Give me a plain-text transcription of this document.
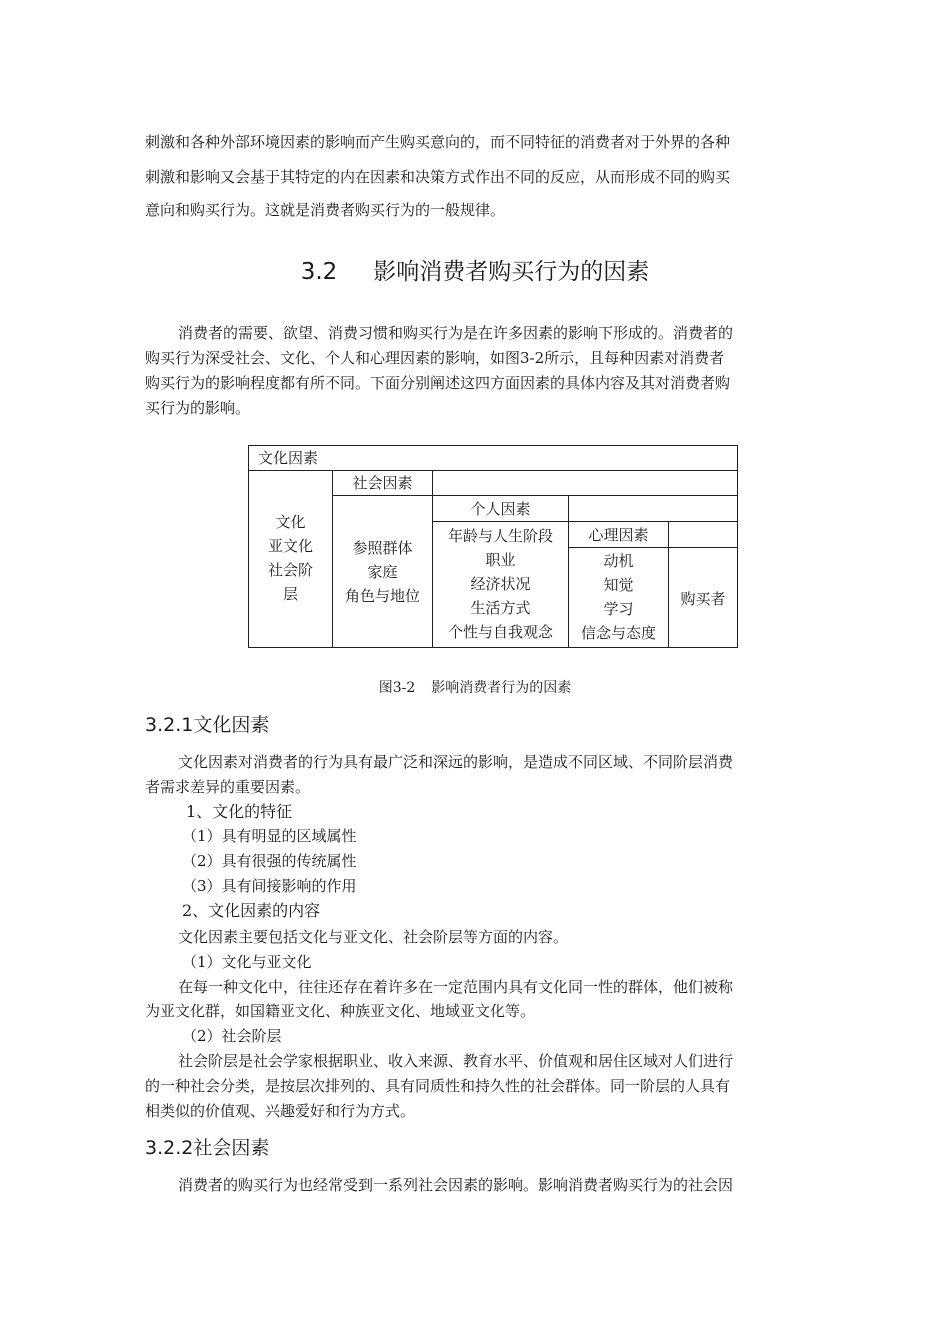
刺激和各种外部环境因素的影响而产生购买意向的，而不同特征的消费者对于外界的各种
刺激和影响又会基于其特定的内在因素和决策方式作出不同的反应，从而形成不同的购买
意向和购买行为。这就是消费者购买行为的一般规律。
3.2 影响消费者购买行为的因素
消费者的需要、欲望、消费习惯和购买行为是在许多因素的影响下形成的。消费者的
购买行为深受社会、文化、个人和心理因素的影响，如图3-2所示，且每种因素对消费者
购买行为的影响程度都有所不同。下面分别阐述这四方面因素的具体内容及其对消费者购
买行为的影响。
文化因素
文化
亚文化
社会阶
层
社会因素
参照群体
家庭
角色与地位
个人因素
年龄与人生阶段
职业
经济状况
生活方式
个性与自我观念
心理因素
动机
知觉
学习
信念与态度
购买者
图3-2 影响消费者行为的因素
3.2.1文化因素
文化因素对消费者的行为具有最广泛和深远的影响，是造成不同区域、不同阶层消费
者需求差异的重要因素。
1、文化的特征
（1）具有明显的区域属性
（2）具有很强的传统属性
（3）具有间接影响的作用
2、文化因素的内容
文化因素主要包括文化与亚文化、社会阶层等方面的内容。
（1）文化与亚文化
在每一种文化中，往往还存在着许多在一定范围内具有文化同一性的群体，他们被称
为亚文化群，如国籍亚文化、种族亚文化、地域亚文化等。
（2）社会阶层
社会阶层是社会学家根据职业、收入来源、教育水平、价值观和居住区域对人们进行
的一种社会分类，是按层次排列的、具有同质性和持久性的社会群体。同一阶层的人具有
相类似的价值观、兴趣爱好和行为方式。
3.2.2社会因素
消费者的购买行为也经常受到一系列社会因素的影响。影响消费者购买行为的社会因
